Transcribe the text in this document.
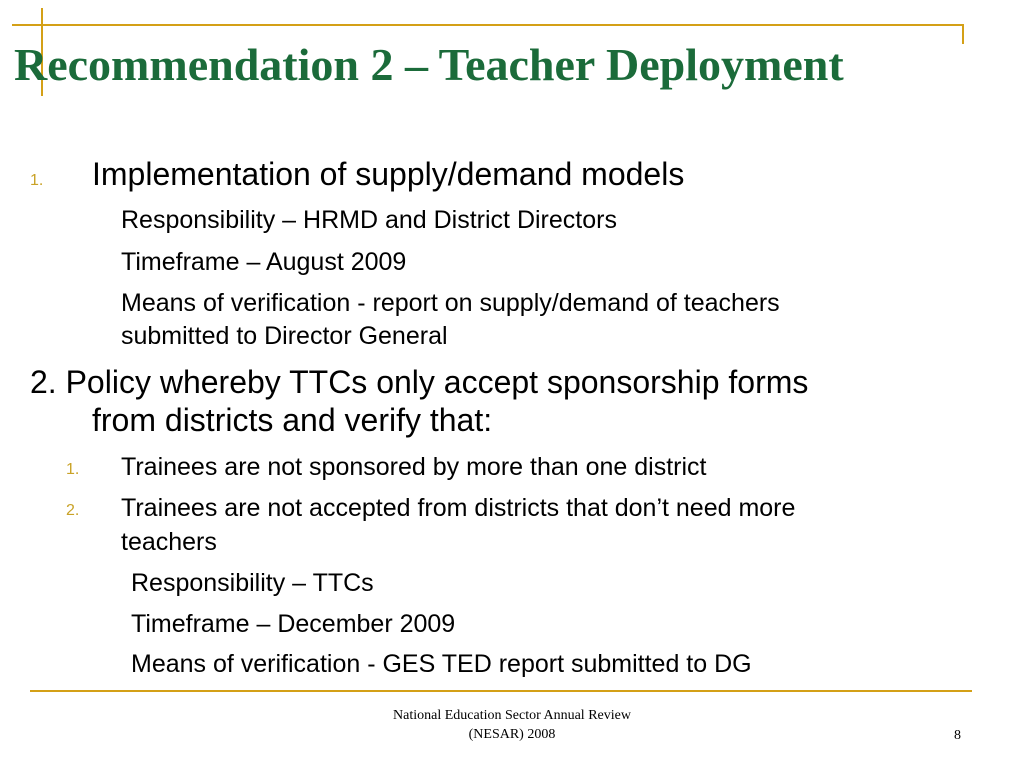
Recommendation 2 – Teacher Deployment
1. Implementation of supply/demand models
Responsibility – HRMD and District Directors
Timeframe – August 2009
Means of verification - report on supply/demand of teachers
submitted to Director General
2. Policy whereby TTCs only accept sponsorship forms
from districts and verify that:
1. Trainees are not sponsored by more than one district
2. Trainees are not accepted from districts that don’t need more
teachers
Responsibility – TTCs
Timeframe – December 2009
Means of verification - GES TED report submitted to DG
National Education Sector Annual Review
(NESAR) 2008	8
